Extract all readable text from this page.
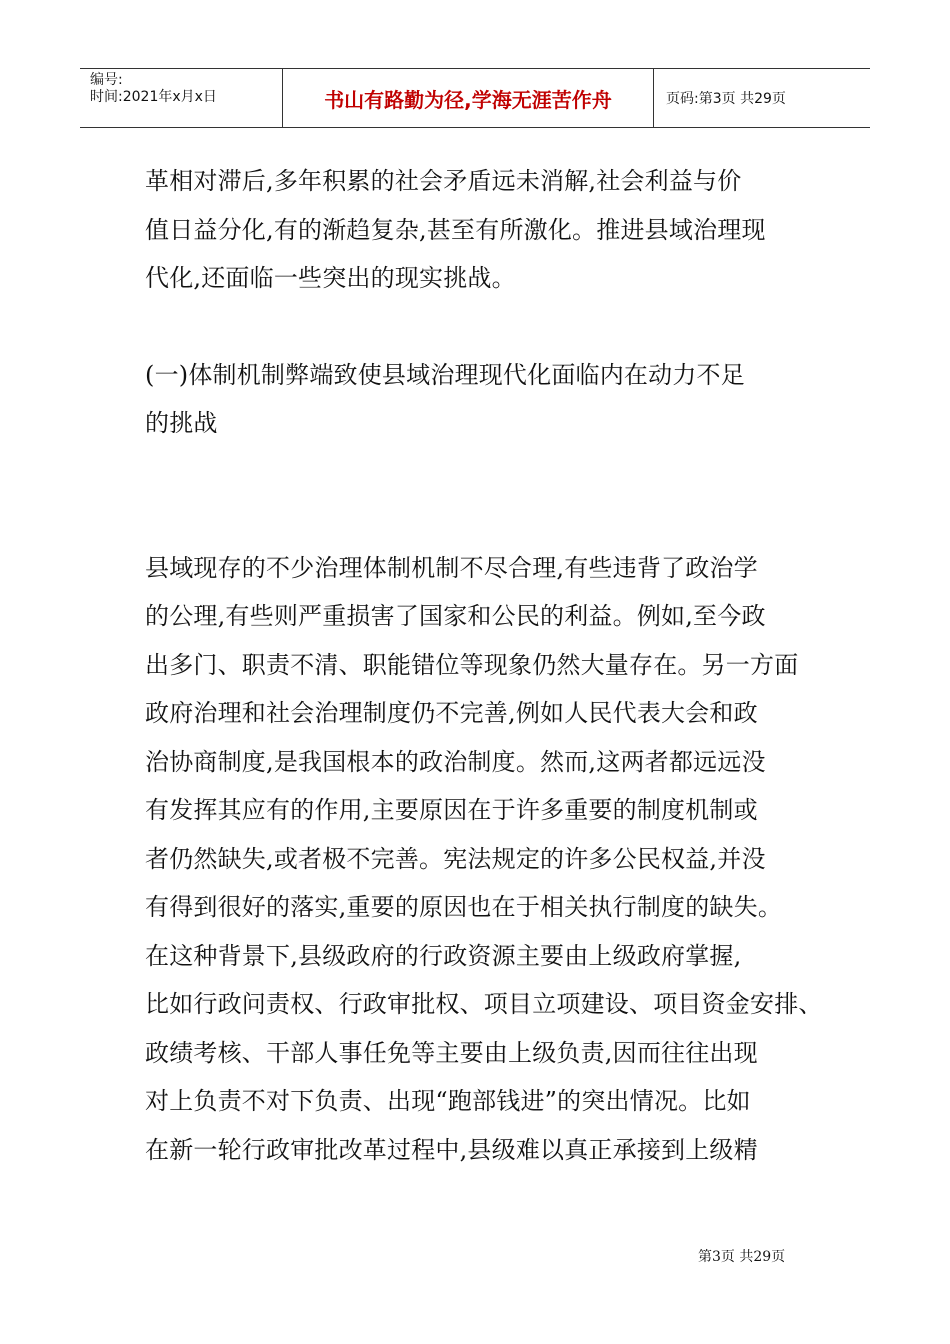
编号:
时间:2021年x月x日	书山有路勤为径,学海无涯苦作舟	页码:第3页 共29页

革相对滞后,多年积累的社会矛盾远未消解,社会利益与价
值日益分化,有的渐趋复杂,甚至有所激化。推进县域治理现
代化,还面临一些突出的现实挑战。

(一)体制机制弊端致使县域治理现代化面临内在动力不足
的挑战

县域现存的不少治理体制机制不尽合理,有些违背了政治学
的公理,有些则严重损害了国家和公民的利益。例如,至今政
出多门、职责不清、职能错位等现象仍然大量存在。另一方面
政府治理和社会治理制度仍不完善,例如人民代表大会和政
治协商制度,是我国根本的政治制度。然而,这两者都远远没
有发挥其应有的作用,主要原因在于许多重要的制度机制或
者仍然缺失,或者极不完善。宪法规定的许多公民权益,并没
有得到很好的落实,重要的原因也在于相关执行制度的缺失。
在这种背景下,县级政府的行政资源主要由上级政府掌握,
比如行政问责权、行政审批权、项目立项建设、项目资金安排、
政绩考核、干部人事任免等主要由上级负责,因而往往出现
对上负责不对下负责、出现“跑部钱进”的突出情况。比如
在新一轮行政审批改革过程中,县级难以真正承接到上级精

第3页 共29页
